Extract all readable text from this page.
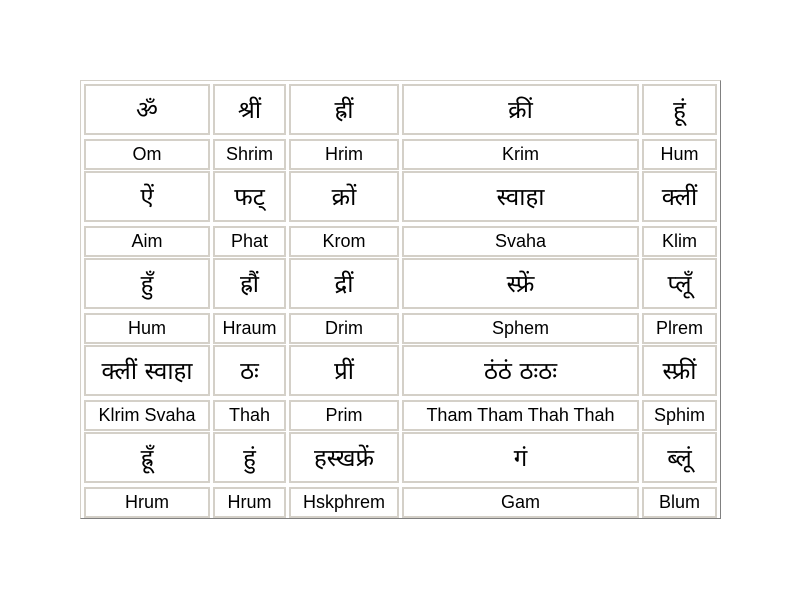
ॐ	श्रीं	ह्रीं	क्रीं	हूं
Om	Shrim	Hrim	Krim	Hum
ऐं	फट्	क्रों	स्वाहा	क्लीं
Aim	Phat	Krom	Svaha	Klim
हुँ	ह्रौं	द्रीं	स्फ्रें	प्लूँ
Hum	Hraum	Drim	Sphem	Plrem
क्लीं स्वाहा	ठः	प्रीं	ठंठं ठःठः	स्फ्रीं
Klrim Svaha	Thah	Prim	Tham Tham Thah Thah	Sphim
ह्रूँ	हुं	हस्खफ्रें	गं	ब्लूं
Hrum	Hrum	Hskphrem	Gam	Blum
